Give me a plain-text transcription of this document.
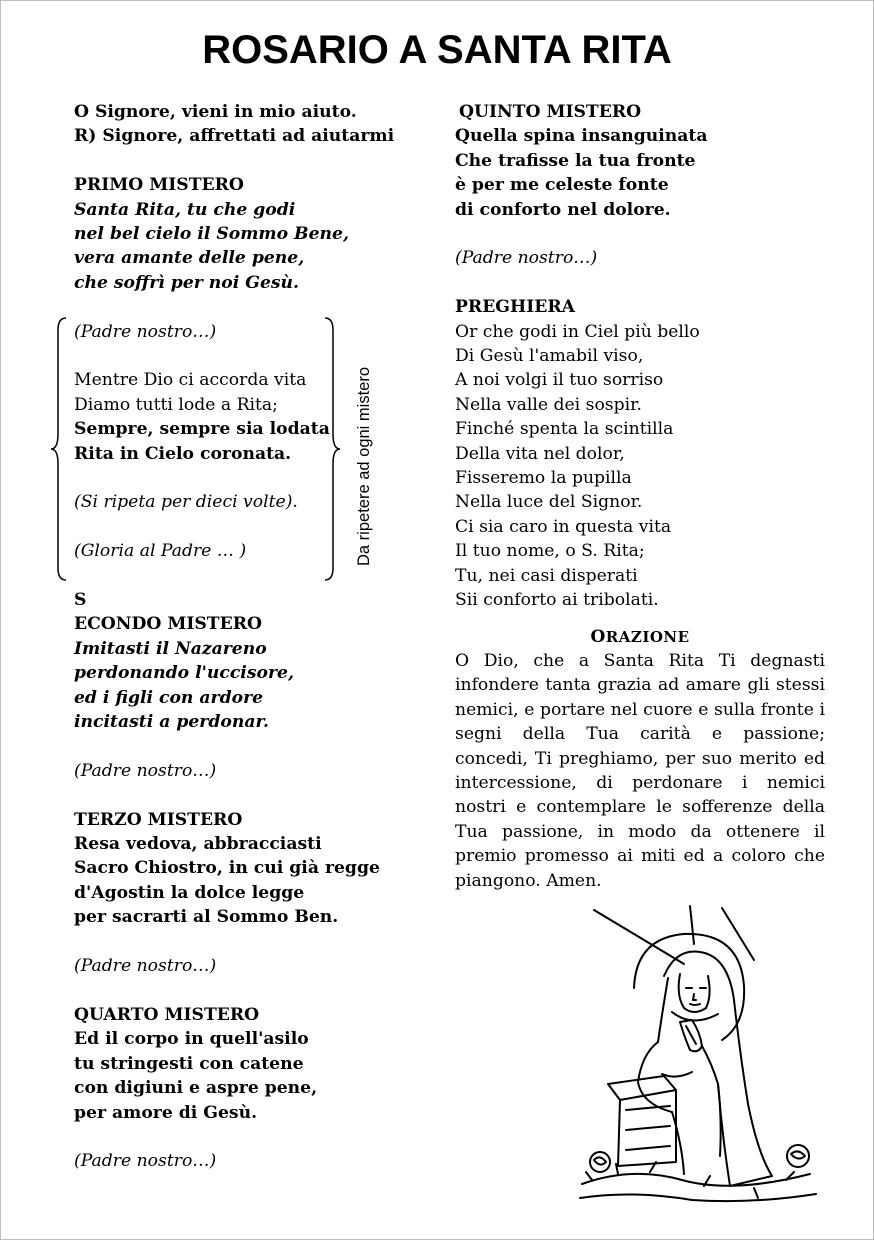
ROSARIO A SANTA RITA
O Signore, vieni in mio aiuto.
R) Signore, affrettati ad aiutarmi
PRIMO MISTERO
Santa Rita, tu che godi
nel bel cielo il Sommo Bene,
vera amante delle pene,
che soffrì per noi Gesù.
(Padre nostro…)
Mentre Dio ci accorda vita
Diamo tutti lode a Rita;
Sempre, sempre sia lodata
Rita in Cielo coronata.
(Si ripeta per dieci volte).
(Gloria al Padre … )
S
ECONDO MISTERO
Imitasti il Nazareno
perdonando l'uccisore,
ed i figli con ardore
incitasti a perdonar.
(Padre nostro…)
TERZO MISTERO
Resa vedova, abbracciasti
Sacro Chiostro, in cui già regge
d'Agostin la dolce legge
per sacrarti al Sommo Ben.
(Padre nostro…)
QUARTO MISTERO
Ed il corpo in quell'asilo
tu stringesti con catene
con digiuni e aspre pene,
per amore di Gesù.
(Padre nostro…)
Da ripetere ad ogni mistero
QUINTO MISTERO
Quella spina insanguinata
Che trafisse la tua fronte
è per me celeste fonte
di conforto nel dolore.
(Padre nostro…)
PREGHIERA
Or che godi in Ciel più bello
Di Gesù l'amabil viso,
A noi volgi il tuo sorriso
Nella valle dei sospir.
Finché spenta la scintilla
Della vita nel dolor,
Fisseremo la pupilla
Nella luce del Signor.
Ci sia caro in questa vita
Il tuo nome, o S. Rita;
Tu, nei casi disperati
Sii conforto ai tribolati.
ORAZIONE
O Dio, che a Santa Rita Ti degnasti infondere tanta grazia ad amare gli stessi nemici, e portare nel cuore e sulla fronte i segni della Tua carità e passione; concedi, Ti preghiamo, per suo merito ed intercessione, di perdonare i nemici nostri e contemplare le sofferenze della Tua passione, in modo da ottenere il premio promesso ai miti ed a coloro che piangono. Amen.
